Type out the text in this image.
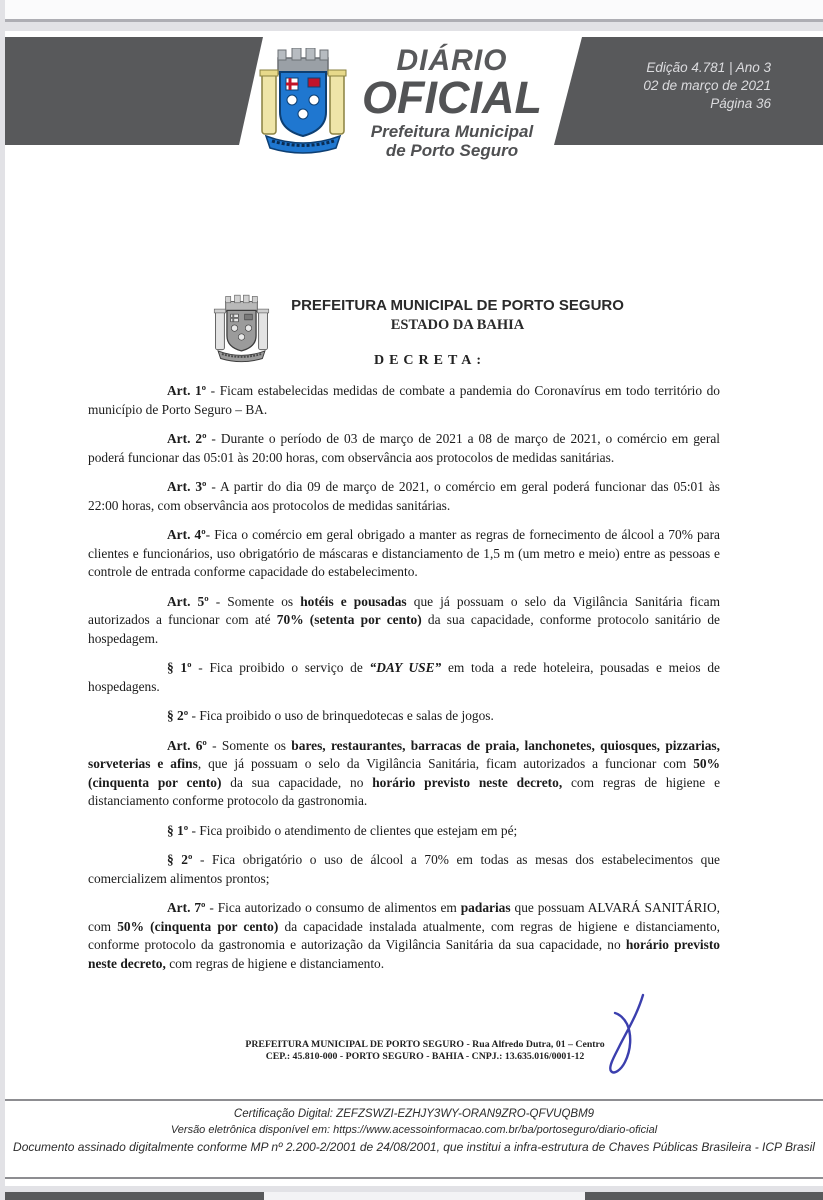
DIÁRIO
OFICIAL
Prefeitura Municipal
de Porto Seguro
Edição 4.781 | Ano 3
02 de março de 2021
Página 36
PREFEITURA MUNICIPAL DE PORTO SEGURO
ESTADO DA BAHIA
DECRETA:

Art. 1º - Ficam estabelecidas medidas de combate a pandemia do Coronavírus em todo território do município de Porto Seguro – BA.

Art. 2º - Durante o período de 03 de março de 2021 a 08 de março de 2021, o comércio em geral poderá funcionar das 05:01 às 20:00 horas, com observância aos protocolos de medidas sanitárias.

Art. 3º - A partir do dia 09 de março de 2021, o comércio em geral poderá funcionar das 05:01 às 22:00 horas, com observância aos protocolos de medidas sanitárias.

Art. 4º- Fica o comércio em geral obrigado a manter as regras de fornecimento de álcool a 70% para clientes e funcionários, uso obrigatório de máscaras e distanciamento de 1,5 m (um metro e meio) entre as pessoas e controle de entrada conforme capacidade do estabelecimento.

Art. 5º - Somente os hotéis e pousadas que já possuam o selo da Vigilância Sanitária ficam autorizados a funcionar com até 70% (setenta por cento) da sua capacidade, conforme protocolo sanitário de hospedagem.

§ 1º - Fica proibido o serviço de “DAY USE” em toda a rede hoteleira, pousadas e meios de hospedagens.

§ 2º - Fica proibido o uso de brinquedotecas e salas de jogos.

Art. 6º - Somente os bares, restaurantes, barracas de praia, lanchonetes, quiosques, pizzarias, sorveterias e afins, que já possuam o selo da Vigilância Sanitária, ficam autorizados a funcionar com 50% (cinquenta por cento) da sua capacidade, no horário previsto neste decreto, com regras de higiene e distanciamento conforme protocolo da gastronomia.

§ 1º - Fica proibido o atendimento de clientes que estejam em pé;

§ 2º - Fica obrigatório o uso de álcool a 70% em todas as mesas dos estabelecimentos que comercializem alimentos prontos;

Art. 7º - Fica autorizado o consumo de alimentos em padarias que possuam ALVARÁ SANITÁRIO, com 50% (cinquenta por cento) da capacidade instalada atualmente, com regras de higiene e distanciamento, conforme protocolo da gastronomia e autorização da Vigilância Sanitária da sua capacidade, no horário previsto neste decreto, com regras de higiene e distanciamento.

PREFEITURA MUNICIPAL DE PORTO SEGURO - Rua Alfredo Dutra, 01 – Centro
CEP.: 45.810-000 - PORTO SEGURO - BAHIA - CNPJ.: 13.635.016/0001-12
Certificação Digital: ZEFZSWZI-EZHJY3WY-ORAN9ZRO-QFVUQBM9
Versão eletrônica disponível em: https://www.acessoinformacao.com.br/ba/portoseguro/diario-oficial
Documento assinado digitalmente conforme MP nº 2.200-2/2001 de 24/08/2001, que institui a infra-estrutura de Chaves Públicas Brasileira - ICP Brasil
